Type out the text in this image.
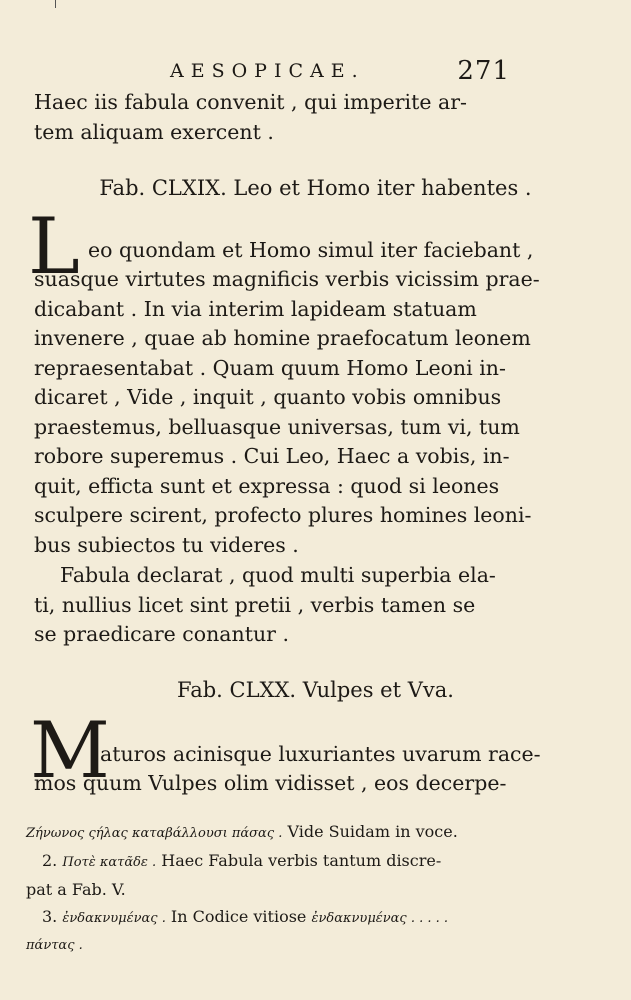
AESOPICAE.	271

Haec iis fabula convenit , qui imperite ar-
tem aliquam exercent .

Fab. CLXIX. Leo et Homo iter habentes .
L eo quondam et Homo simul iter faciebant ,

suasque virtutes magnificis verbis vicissim prae-
dicabant . In via interim lapideam statuam
invenere , quae ab homine praefocatum leonem
repraesentabat . Quam quum Homo Leoni in-
dicaret , Vide , inquit , quanto vobis omnibus
praestemus, belluasque universas, tum vi, tum
robore superemus . Cui Leo, Haec a vobis, in-
quit, efficta sunt et expressa : quod si leones
sculpere scirent, profecto plures homines leoni-
bus subiectos tu videres .

Fabula declarat , quod multi superbia ela-
ti, nullius licet sint pretii , verbis tamen se
se praedicare conantur .

Fab. CLXX. Vulpes et Vva.
M

aturos acinisque luxuriantes uvarum race-

mos quum Vulpes olim vidisset , eos decerpe-

Ζήνωνος ςήλας καταβάλλουσι πάσας . Vide Suidam in voce.
2. Ποτὲ κατᾶδε . Haec Fabula verbis tantum discre-
pat a Fab. V.
3. ἐνδακνυμένας . In Codice vitiose ἐνδακνυμένας . . . . .
πάντας .
